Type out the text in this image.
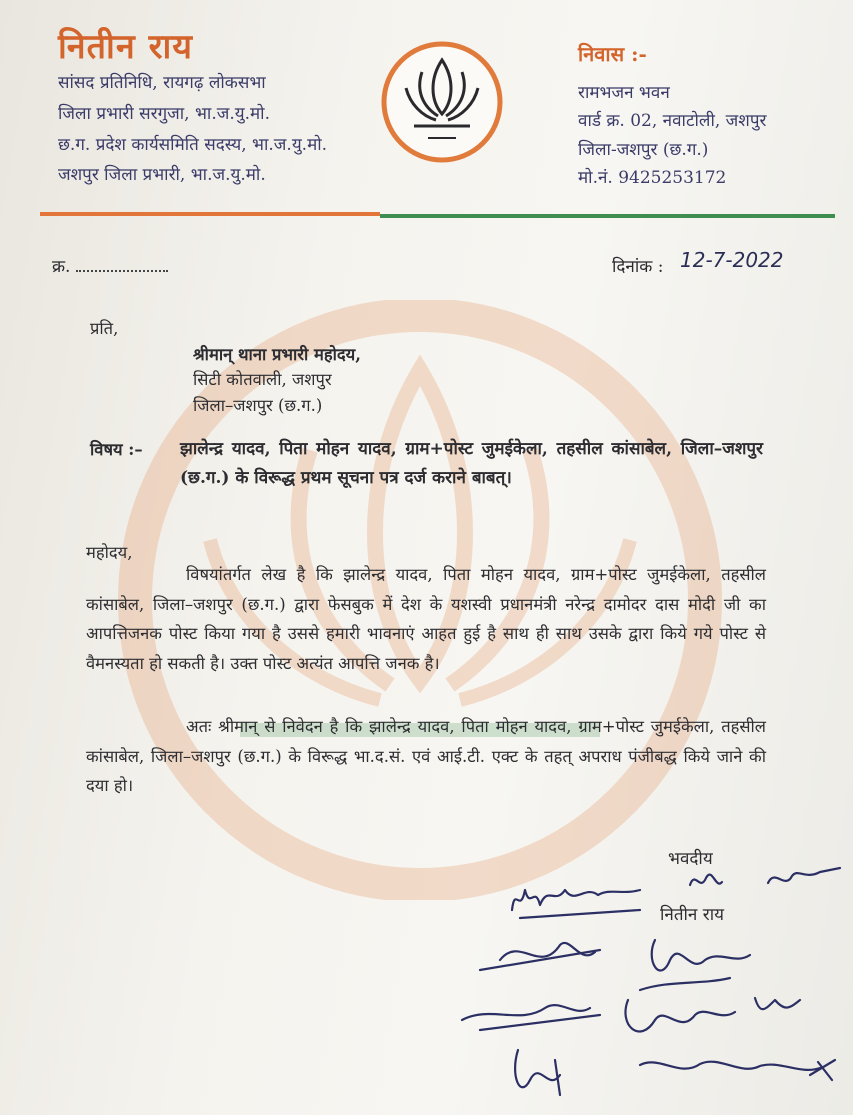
नितीन राय
सांसद प्रतिनिधि, रायगढ़ लोकसभा
जिला प्रभारी सरगुजा, भा.ज.यु.मो.
छ.ग. प्रदेश कार्यसमिति सदस्य, भा.ज.यु.मो.
जशपुर जिला प्रभारी, भा.ज.यु.मो.
निवास :-
रामभजन भवन
वार्ड क्र. 02, नवाटोली, जशपुर
जिला-जशपुर (छ.ग.)
मो.नं. 9425253172
क्र.	दिनांक : 12-7-2022
प्रति,
श्रीमान् थाना प्रभारी महोदय,
सिटी कोतवाली, जशपुर
जिला–जशपुर (छ.ग.)
विषय :– झालेन्द्र यादव, पिता मोहन यादव, ग्राम+पोस्ट जुमईकेला, तहसील कांसाबेल, जिला–जशपुर (छ.ग.) के विरूद्ध प्रथम सूचना पत्र दर्ज कराने बाबत्।
महोदय,
विषयांतर्गत लेख है कि झालेन्द्र यादव, पिता मोहन यादव, ग्राम+पोस्ट जुमईकेला, तहसील कांसाबेल, जिला–जशपुर (छ.ग.) द्वारा फेसबुक में देश के यशस्वी प्रधानमंत्री नरेन्द्र दामोदर दास मोदी जी का आपत्तिजनक पोस्ट किया गया है उससे हमारी भावनाएं आहत हुई है साथ ही साथ उसके द्वारा किये गये पोस्ट से वैमनस्यता हो सकती है। उक्त पोस्ट अत्यंत आपत्ति जनक है।
अतः श्रीमान् से निवेदन है कि झालेन्द्र यादव, पिता मोहन यादव, ग्राम+पोस्ट जुमईकेला, तहसील कांसाबेल, जिला–जशपुर (छ.ग.) के विरूद्ध भा.द.सं. एवं आई.टी. एक्ट के तहत् अपराध पंजीबद्ध किये जाने की दया हो।
भवदीय
नितीन राय
